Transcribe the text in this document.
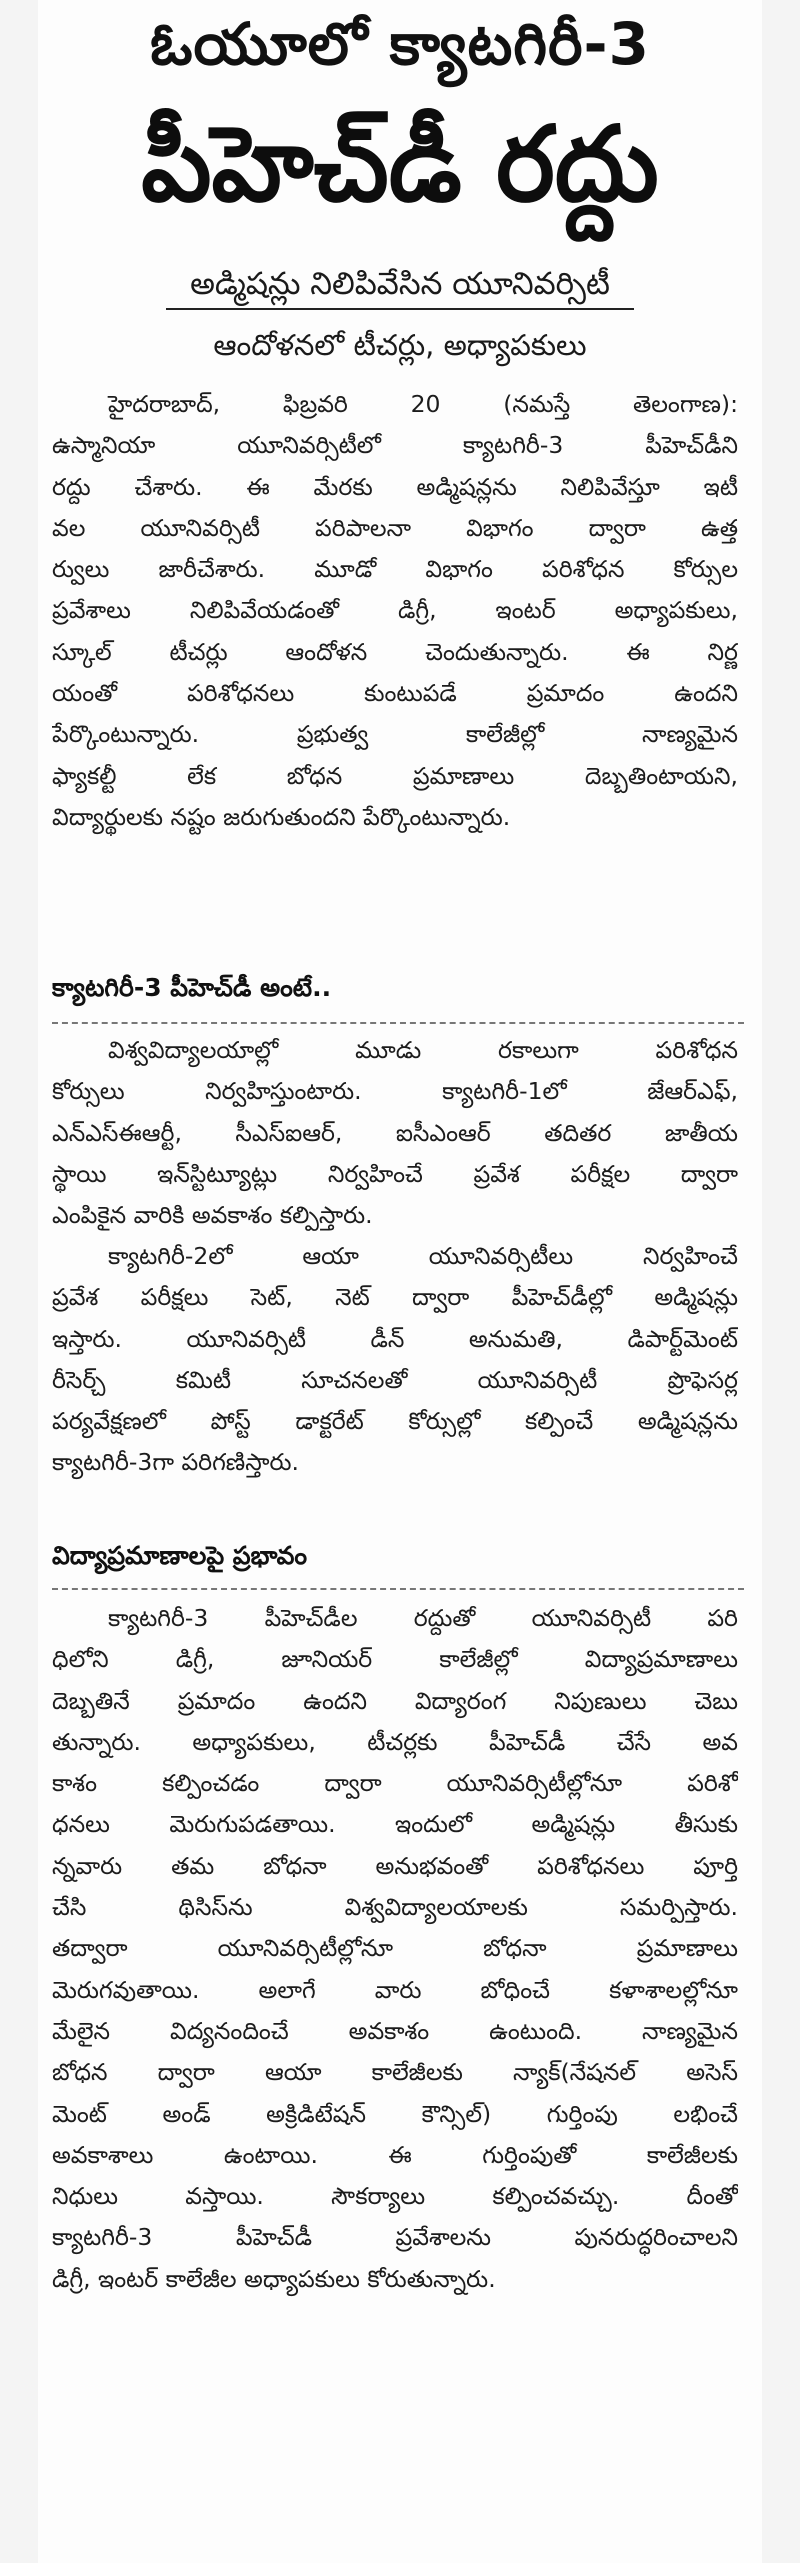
ఓయూలో క్యాటగిరీ-3
పీహెచ్‌డీ రద్దు
అడ్మిషన్లు నిలిపివేసిన యూనివర్సిటీ
ఆందోళనలో టీచర్లు, అధ్యాపకులు
హైదరాబాద్, ఫిబ్రవరి 20 (నమస్తే తెలంగాణ):
ఉస్మానియా యూనివర్సిటీలో క్యాటగిరీ-3 పీహెచ్‌డీని
రద్దు చేశారు. ఈ మేరకు అడ్మిషన్లను నిలిపివేస్తూ ఇటీ
వల యూనివర్సిటీ పరిపాలనా విభాగం ద్వారా ఉత్త
ర్వులు జారీచేశారు. మూడో విభాగం పరిశోధన కోర్సుల
ప్రవేశాలు నిలిపివేయడంతో డిగ్రీ, ఇంటర్ అధ్యాపకులు,
స్కూల్ టీచర్లు ఆందోళన చెందుతున్నారు. ఈ నిర్ణ
యంతో పరిశోధనలు కుంటుపడే ప్రమాదం ఉందని
పేర్కొంటున్నారు. ప్రభుత్వ కాలేజీల్లో నాణ్యమైన
ఫ్యాకల్టీ లేక బోధన ప్రమాణాలు దెబ్బతింటాయని,
విద్యార్థులకు నష్టం జరుగుతుందని పేర్కొంటున్నారు.
క్యాటగిరీ-3 పీహెచ్‌డీ అంటే..
విశ్వవిద్యాలయాల్లో మూడు రకాలుగా పరిశోధన
కోర్సులు నిర్వహిస్తుంటారు. క్యాటగిరీ-1లో జేఆర్ఎఫ్,
ఎన్ఎస్ఈఆర్టీ, సీఎస్ఐఆర్, ఐసీఎంఆర్ తదితర జాతీయ
స్థాయి ఇన్‌స్టిట్యూట్లు నిర్వహించే ప్రవేశ పరీక్షల ద్వారా
ఎంపికైన వారికి అవకాశం కల్పిస్తారు.
క్యాటగిరీ-2లో ఆయా యూనివర్సిటీలు నిర్వహించే
ప్రవేశ పరీక్షలు సెట్, నెట్ ద్వారా పీహెచ్‌డీల్లో అడ్మిషన్లు
ఇస్తారు. యూనివర్సిటీ డీన్ అనుమతి, డిపార్ట్‌మెంట్
రీసెర్చ్ కమిటీ సూచనలతో యూనివర్సిటీ ప్రొఫెసర్ల
పర్యవేక్షణలో పోస్ట్ డాక్టరేట్ కోర్సుల్లో కల్పించే అడ్మిషన్లను
క్యాటగిరీ-3గా పరిగణిస్తారు.
విద్యాప్రమాణాలపై ప్రభావం
క్యాటగిరీ-3 పీహెచ్‌డీల రద్దుతో యూనివర్సిటీ పరి
ధిలోని డిగ్రీ, జూనియర్ కాలేజీల్లో విద్యాప్రమాణాలు
దెబ్బతినే ప్రమాదం ఉందని విద్యారంగ నిపుణులు చెబు
తున్నారు. అధ్యాపకులు, టీచర్లకు పీహెచ్‌డీ చేసే అవ
కాశం కల్పించడం ద్వారా యూనివర్సిటీల్లోనూ పరిశో
ధనలు మెరుగుపడతాయి. ఇందులో అడ్మిషన్లు తీసుకు
న్నవారు తమ బోధనా అనుభవంతో పరిశోధనలు పూర్తి
చేసి థిసిస్‌ను విశ్వవిద్యాలయాలకు సమర్పిస్తారు.
తద్వారా యూనివర్సిటీల్లోనూ బోధనా ప్రమాణాలు
మెరుగవుతాయి. అలాగే వారు బోధించే కళాశాలల్లోనూ
మేలైన విద్యనందించే అవకాశం ఉంటుంది. నాణ్యమైన
బోధన ద్వారా ఆయా కాలేజీలకు న్యాక్(నేషనల్ అసెస్
మెంట్ అండ్ అక్రిడిటేషన్ కౌన్సిల్) గుర్తింపు లభించే
అవకాశాలు ఉంటాయి. ఈ గుర్తింపుతో కాలేజీలకు
నిధులు వస్తాయి. సౌకర్యాలు కల్పించవచ్చు. దీంతో
క్యాటగిరీ-3 పీహెచ్‌డీ ప్రవేశాలను పునరుద్ధరించాలని
డిగ్రీ, ఇంటర్ కాలేజీల అధ్యాపకులు కోరుతున్నారు.
